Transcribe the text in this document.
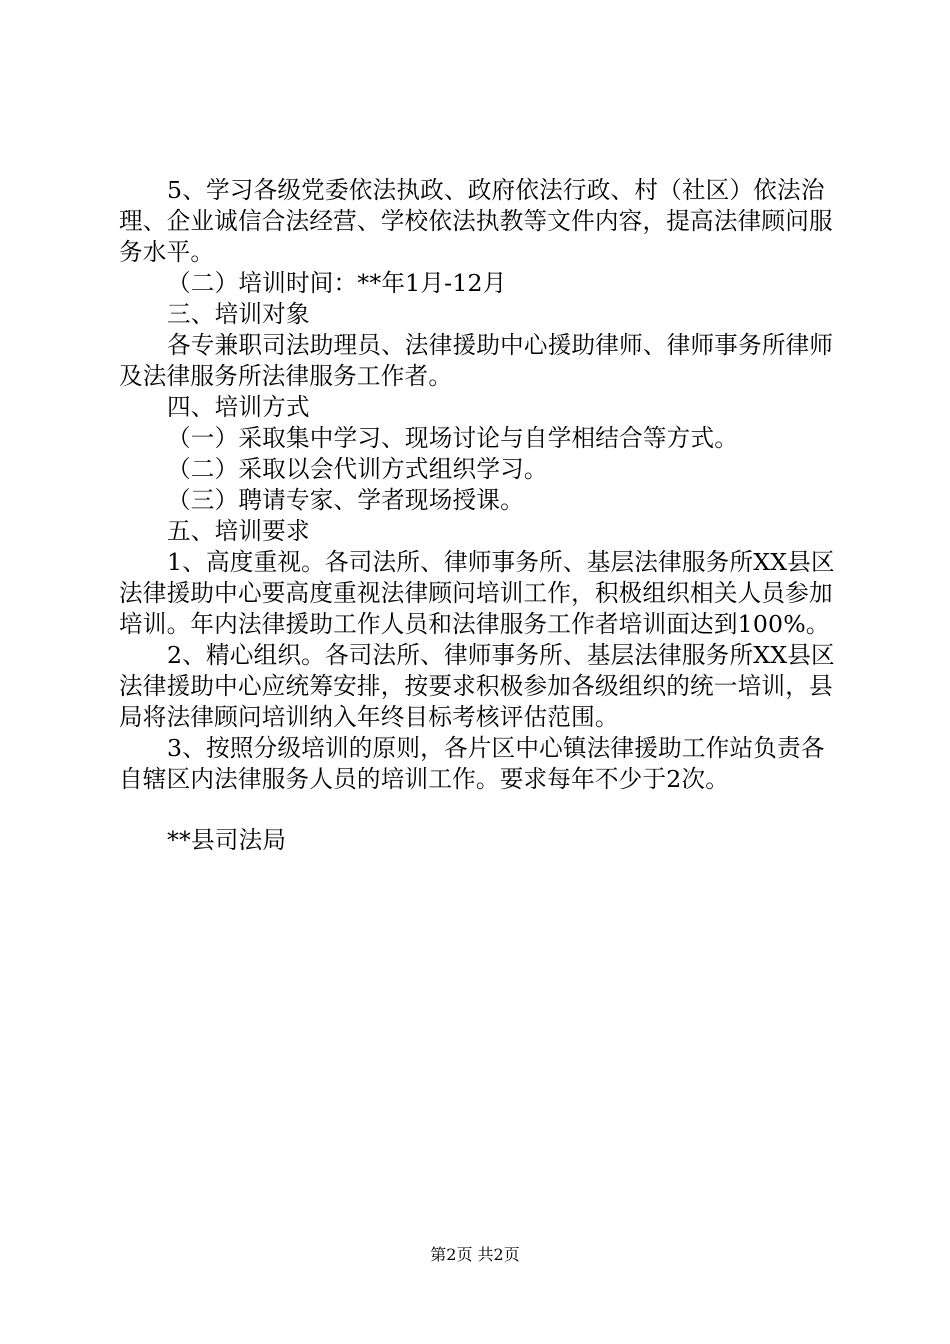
5、学习各级党委依法执政、政府依法行政、村（社区）依法治理、企业诚信合法经营、学校依法执教等文件内容，提高法律顾问服务水平。

（二）培训时间：**年1月-12月

三、培训对象

各专兼职司法助理员、法律援助中心援助律师、律师事务所律师及法律服务所法律服务工作者。

四、培训方式

（一）采取集中学习、现场讨论与自学相结合等方式。

（二）采取以会代训方式组织学习。

（三）聘请专家、学者现场授课。

五、培训要求

1、高度重视。各司法所、律师事务所、基层法律服务所XX县区法律援助中心要高度重视法律顾问培训工作，积极组织相关人员参加培训。年内法律援助工作人员和法律服务工作者培训面达到100%。

2、精心组织。各司法所、律师事务所、基层法律服务所XX县区法律援助中心应统筹安排，按要求积极参加各级组织的统一培训，县局将法律顾问培训纳入年终目标考核评估范围。

3、按照分级培训的原则，各片区中心镇法律援助工作站负责各自辖区内法律服务人员的培训工作。要求每年不少于2次。

**县司法局

第2页 共2页
